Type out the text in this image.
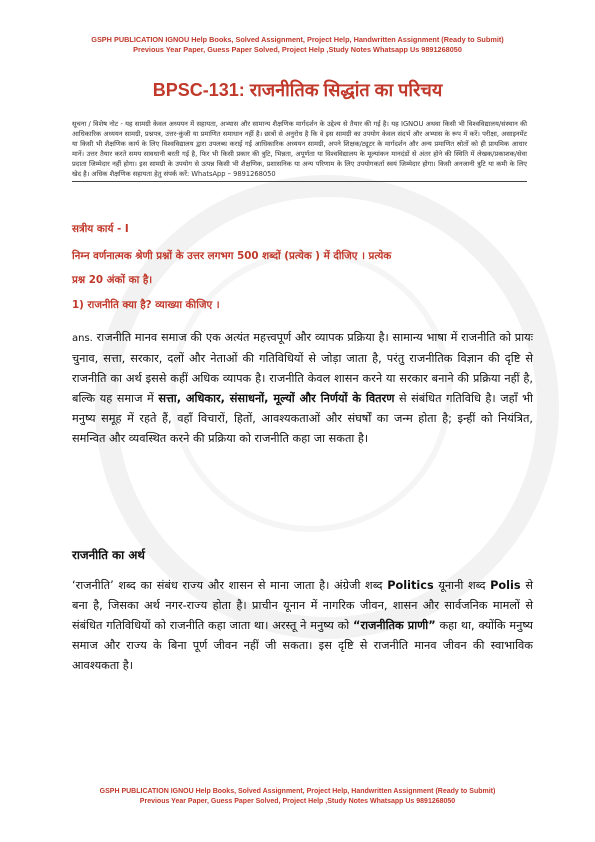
GSPH PUBLICATION IGNOU Help Books, Solved Assignment, Project Help, Handwritten Assignment (Ready to Submit)
Previous Year Paper, Guess Paper Solved, Project Help ,Study Notes Whatsapp Us 9891268050
BPSC-131: राजनीतिक सिद्धांत का परिचय
सूचना / विशेष नोट - यह सामग्री केवल अध्ययन में सहायता, अभ्यास और सामान्य शैक्षणिक मार्गदर्शन के उद्देश्य से तैयार की गई है। यह IGNOU अथवा किसी भी विश्वविद्यालय/संस्थान की आधिकारिक अध्ययन सामग्री, प्रश्नपत्र, उत्तर-कुंजी या प्रमाणित समाधान नहीं है। छात्रों से अनुरोध है कि वे इस सामग्री का उपयोग केवल संदर्भ और अभ्यास के रूप में करें। परीक्षा, असाइनमेंट या किसी भी शैक्षणिक कार्य के लिए विश्वविद्यालय द्वारा उपलब्ध कराई गई आधिकारिक अध्ययन सामग्री, अपने शिक्षक/ट्यूटर के मार्गदर्शन और अन्य प्रमाणित स्रोतों को ही प्राथमिक आधार मानें। उत्तर तैयार करते समय सावधानी बरती गई है, फिर भी किसी प्रकार की त्रुटि, भिन्नता, अपूर्णता या विश्वविद्यालय के मूल्यांकन मानदंडों से अंतर होने की स्थिति में लेखक/प्रकाशक/सेवा प्रदाता जिम्मेदार नहीं होगा। इस सामग्री के उपयोग से उत्पन्न किसी भी शैक्षणिक, प्रशासनिक या अन्य परिणाम के लिए उपयोगकर्ता स्वयं जिम्मेदार होगा। किसी अनजानी त्रुटि या कमी के लिए खेद है। अधिक शैक्षणिक सहायता हेतु संपर्क करें: WhatsApp – 9891268050
सत्रीय कार्य - I
निम्न वर्णनात्मक श्रेणी प्रश्नों के उत्तर लगभग 500 शब्दों (प्रत्येक ) में दीजिए । प्रत्येक
प्रश्न 20 अंकों का है।
1) राजनीति क्या है? व्याख्या कीजिए ।
ans. राजनीति मानव समाज की एक अत्यंत महत्त्वपूर्ण और व्यापक प्रक्रिया है। सामान्य भाषा में राजनीति को प्रायः चुनाव, सत्ता, सरकार, दलों और नेताओं की गतिविधियों से जोड़ा जाता है, परंतु राजनीतिक विज्ञान की दृष्टि से राजनीति का अर्थ इससे कहीं अधिक व्यापक है। राजनीति केवल शासन करने या सरकार बनाने की प्रक्रिया नहीं है, बल्कि यह समाज में सत्ता, अधिकार, संसाधनों, मूल्यों और निर्णयों के वितरण से संबंधित गतिविधि है। जहाँ भी मनुष्य समूह में रहते हैं, वहाँ विचारों, हितों, आवश्यकताओं और संघर्षों का जन्म होता है; इन्हीं को नियंत्रित, समन्वित और व्यवस्थित करने की प्रक्रिया को राजनीति कहा जा सकता है।
राजनीति का अर्थ
‘राजनीति’ शब्द का संबंध राज्य और शासन से माना जाता है। अंग्रेजी शब्द Politics यूनानी शब्द Polis से बना है, जिसका अर्थ नगर-राज्य होता है। प्राचीन यूनान में नागरिक जीवन, शासन और सार्वजनिक मामलों से संबंधित गतिविधियों को राजनीति कहा जाता था। अरस्तू ने मनुष्य को “राजनीतिक प्राणी” कहा था, क्योंकि मनुष्य समाज और राज्य के बिना पूर्ण जीवन नहीं जी सकता। इस दृष्टि से राजनीति मानव जीवन की स्वाभाविक आवश्यकता है।
GSPH PUBLICATION IGNOU Help Books, Solved Assignment, Project Help, Handwritten Assignment (Ready to Submit)
Previous Year Paper, Guess Paper Solved, Project Help ,Study Notes Whatsapp Us 9891268050
